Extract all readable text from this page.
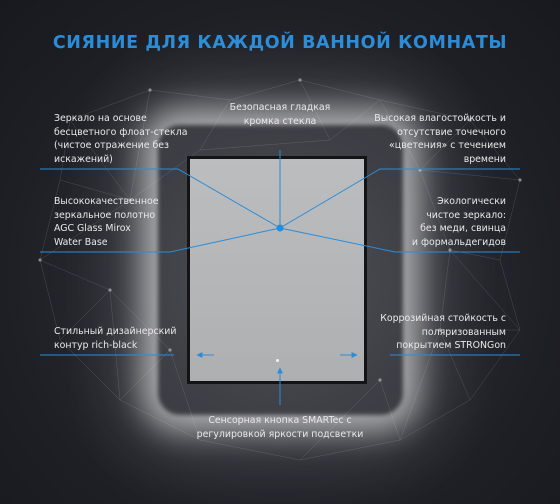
СИЯНИЕ ДЛЯ КАЖДОЙ ВАННОЙ КОМНАТЫ
Зеркало на основе
бесцветного флоат-стекла
(чистое отражение без
искажений)
Безопасная гладкая
кромка стекла	Высокая влагостойкость и
отсутствие точечного
«цветения» с течением
времени
Высококачественное
зеркальное полотно
AGC Glass Mirox
Water Base
Экологически
чистое зеркало:
без меди, свинца
и формальдегидов
Стильный дизайнерский
контур rich-black
Коррозийная стойкость с
поляризованным
покрытием STRONGon
Сенсорная кнопка SMARTec с
регулировкой яркости подсветки
